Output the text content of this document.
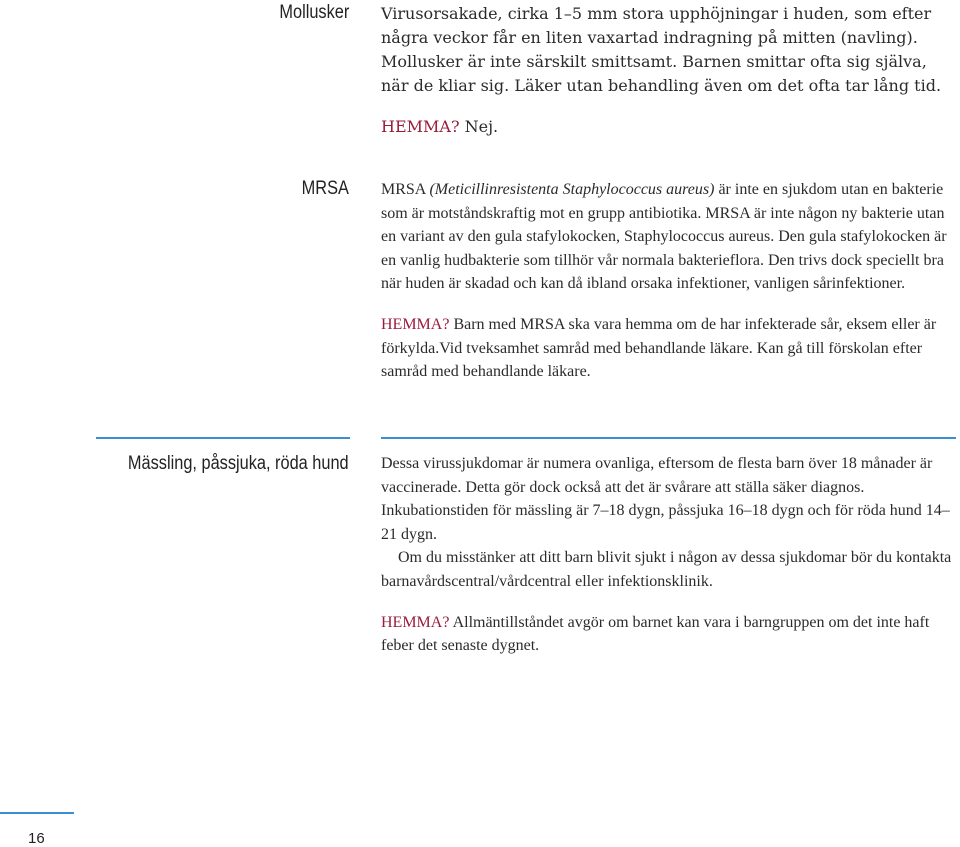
Mollusker Virusorsakade, cirka 1–5 mm stora upphöjningar i huden, som efter några veckor får en liten vaxartad indragning på mitten (navling). Mollusker är inte särskilt smittsamt. Barnen smittar ofta sig själva, när de kliar sig. Läker utan behandling även om det ofta tar lång tid.

HEMMA? Nej.

MRSA MRSA (Meticillinresistenta Staphylococcus aureus) är inte en sjukdom utan en bakterie som är motståndskraftig mot en grupp antibiotika. MRSA är inte någon ny bakterie utan en variant av den gula stafylokocken, Staphylococcus aureus. Den gula stafylokocken är en vanlig hudbakterie som tillhör vår normala bakterieflora. Den trivs dock speciellt bra när huden är skadad och kan då ibland orsaka infektioner, vanligen sårinfektioner.

HEMMA? Barn med MRSA ska vara hemma om de har infekterade sår, eksem eller är förkylda.Vid tveksamhet samråd med behandlande läkare. Kan gå till förskolan efter samråd med behandlande läkare.

Mässling, påssjuka, röda hund Dessa virussjukdomar är numera ovanliga, eftersom de flesta barn över 18 månader är vaccinerade. Detta gör dock också att det är svårare att ställa säker diagnos. Inkubationstiden för mässling är 7–18 dygn, påssjuka 16–18 dygn och för röda hund 14–21 dygn.

Om du misstänker att ditt barn blivit sjukt i någon av dessa sjukdomar bör du kontakta barnavårdscentral/vårdcentral eller infektionsklinik.

HEMMA? Allmäntillståndet avgör om barnet kan vara i barngruppen om det inte haft feber det senaste dygnet.

16
